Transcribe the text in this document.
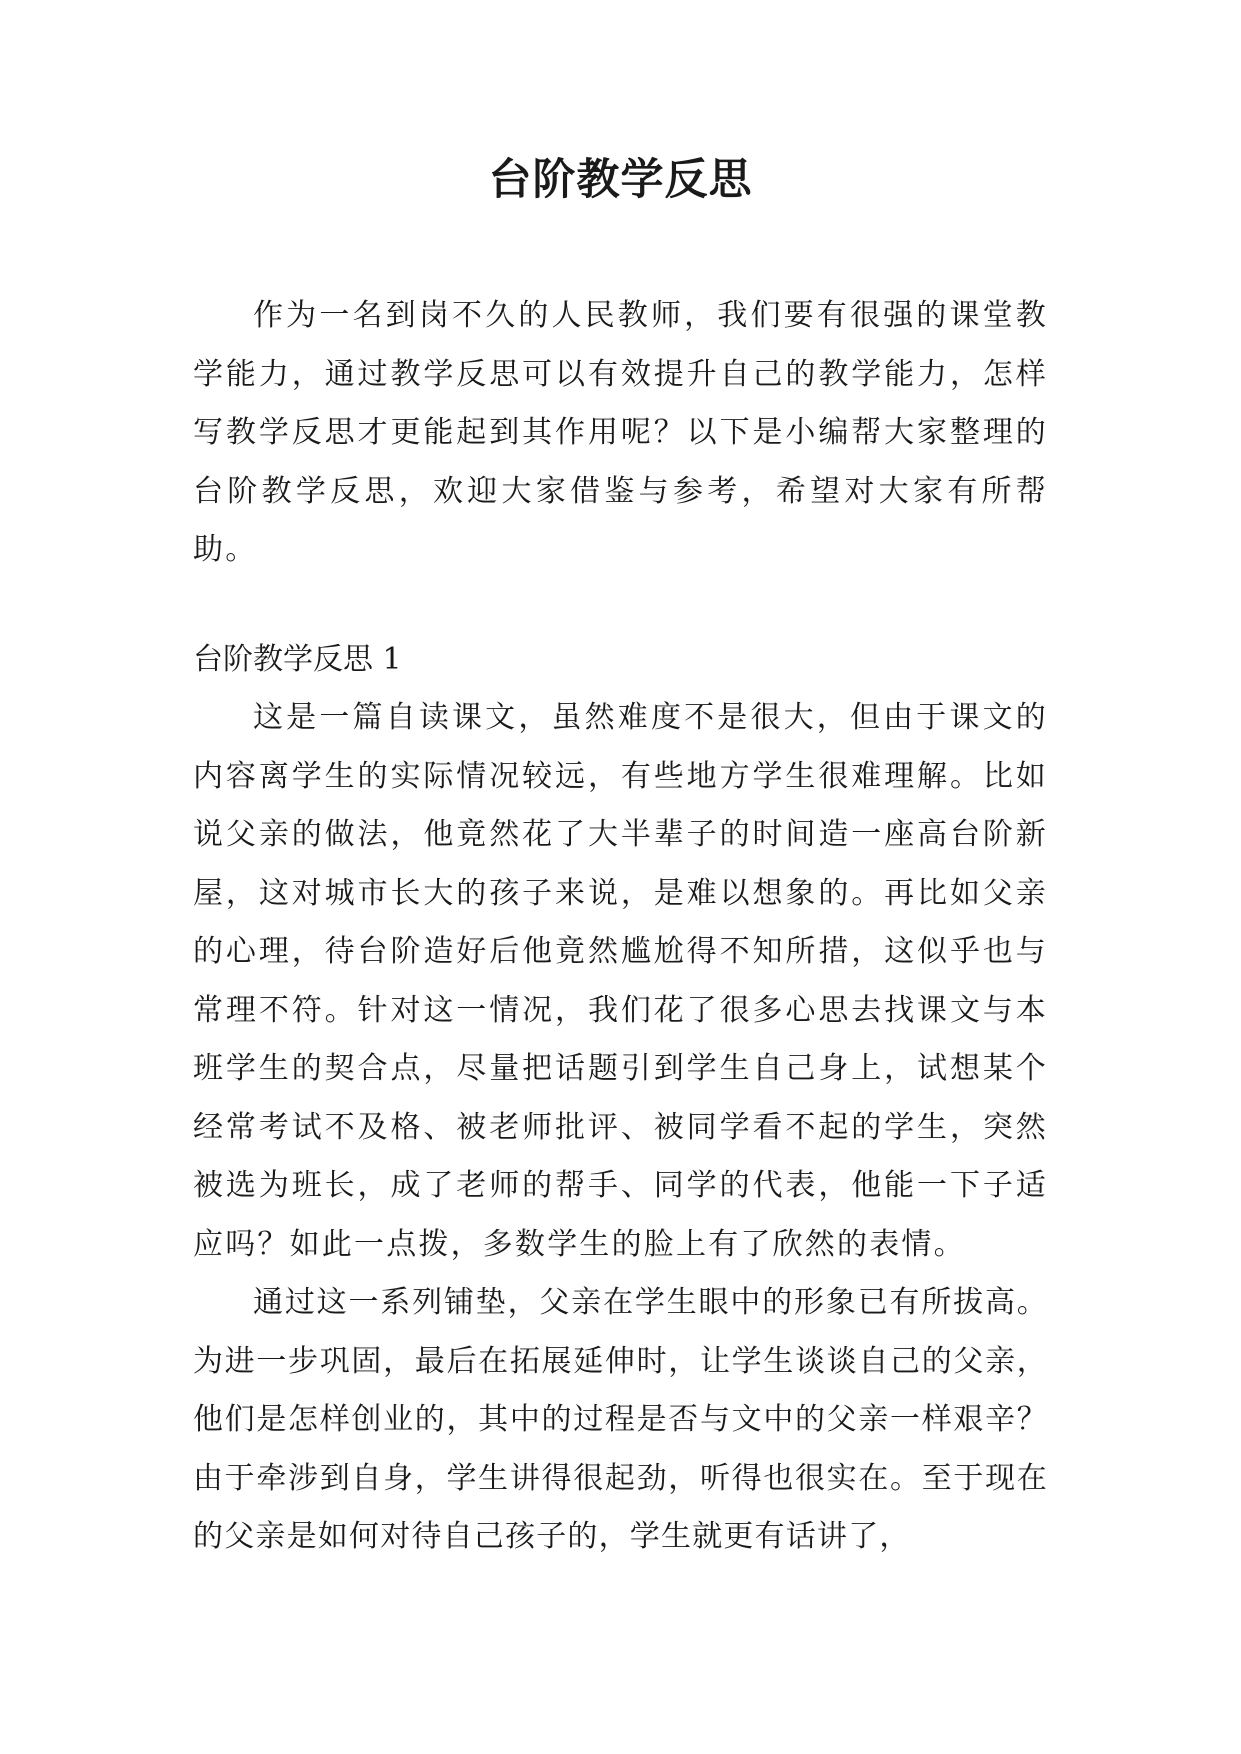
台阶教学反思

作为一名到岗不久的人民教师，我们要有很强的课堂教学能力，通过教学反思可以有效提升自己的教学能力，怎样写教学反思才更能起到其作用呢？以下是小编帮大家整理的台阶教学反思，欢迎大家借鉴与参考，希望对大家有所帮助。

台阶教学反思 1

这是一篇自读课文，虽然难度不是很大，但由于课文的内容离学生的实际情况较远，有些地方学生很难理解。比如说父亲的做法，他竟然花了大半辈子的时间造一座高台阶新屋，这对城市长大的孩子来说，是难以想象的。再比如父亲的心理，待台阶造好后他竟然尴尬得不知所措，这似乎也与常理不符。针对这一情况，我们花了很多心思去找课文与本班学生的契合点，尽量把话题引到学生自己身上，试想某个经常考试不及格、被老师批评、被同学看不起的学生，突然被选为班长，成了老师的帮手、同学的代表，他能一下子适应吗？如此一点拨，多数学生的脸上有了欣然的表情。

通过这一系列铺垫，父亲在学生眼中的形象已有所拔高。为进一步巩固，最后在拓展延伸时，让学生谈谈自己的父亲，他们是怎样创业的，其中的过程是否与文中的父亲一样艰辛？由于牵涉到自身，学生讲得很起劲，听得也很实在。至于现在的父亲是如何对待自己孩子的，学生就更有话讲了，
